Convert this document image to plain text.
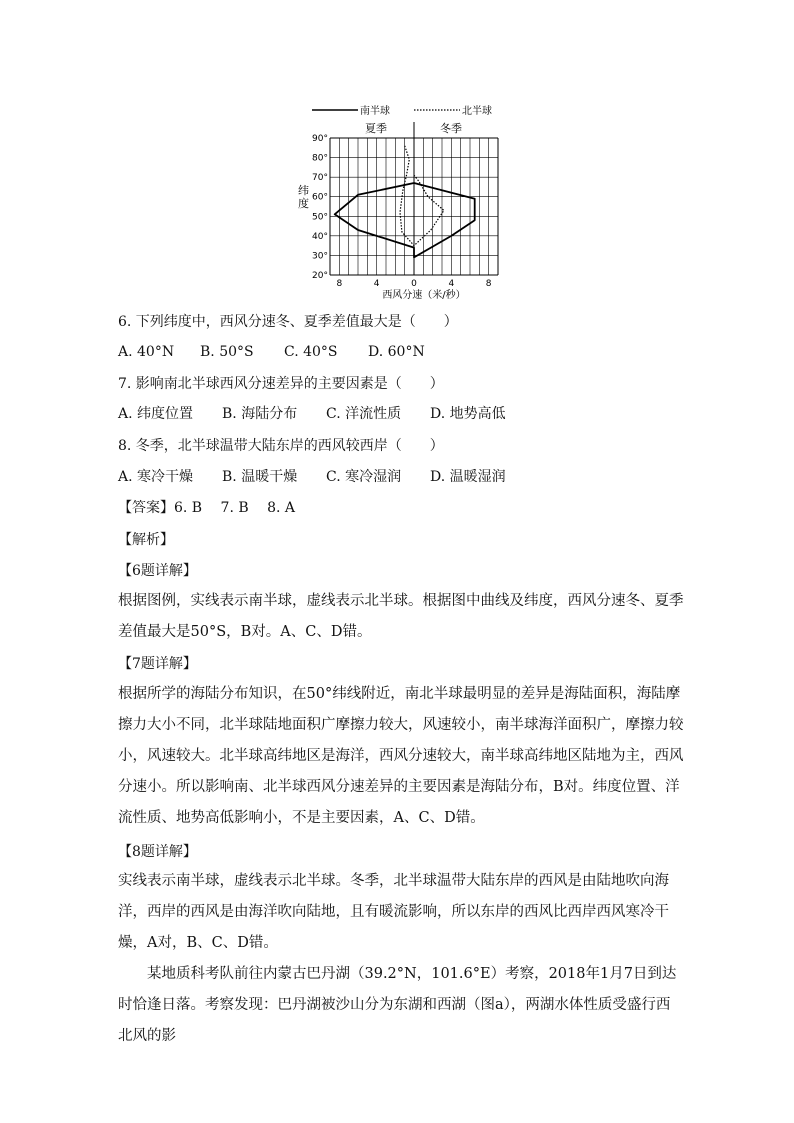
南半球	北半球
夏季	冬季
纬度
西风分速（米/秒）
90°
80°
70°
60°
50°
40°
30°
20°
8	4	0	4	8
6. 下列纬度中，西风分速冬、夏季差值最大是（　　）
A. 40°N B. 50°S C. 40°S D. 60°N
7. 影响南北半球西风分速差异的主要因素是（　　）
A. 纬度位置 B. 海陆分布 C. 洋流性质 D. 地势高低
8. 冬季，北半球温带大陆东岸的西风较西岸（　　）
A. 寒冷干燥 B. 温暖干燥 C. 寒冷湿润 D. 温暖湿润
【答案】6. B　 7. B　 8. A
【解析】
【6题详解】
根据图例，实线表示南半球，虚线表示北半球。根据图中曲线及纬度，西风分速冬、夏季差值最大是50°S，B对。A、C、D错。
【7题详解】
根据所学的海陆分布知识，在50°纬线附近，南北半球最明显的差异是海陆面积，海陆摩擦力大小不同，北半球陆地面积广摩擦力较大，风速较小，南半球海洋面积广，摩擦力较小，风速较大。北半球高纬地区是海洋，西风分速较大，南半球高纬地区陆地为主，西风分速小。所以影响南、北半球西风分速差异的主要因素是海陆分布，B对。纬度位置、洋流性质、地势高低影响小，不是主要因素，A、C、D错。
【8题详解】
实线表示南半球，虚线表示北半球。冬季，北半球温带大陆东岸的西风是由陆地吹向海洋，西岸的西风是由海洋吹向陆地，且有暖流影响，所以东岸的西风比西岸西风寒冷干燥，A对，B、C、D错。
某地质科考队前往内蒙古巴丹湖（39.2°N，101.6°E）考察，2018年1月7日到达时恰逢日落。考察发现：巴丹湖被沙山分为东湖和西湖（图a），两湖水体性质受盛行西北风的影
